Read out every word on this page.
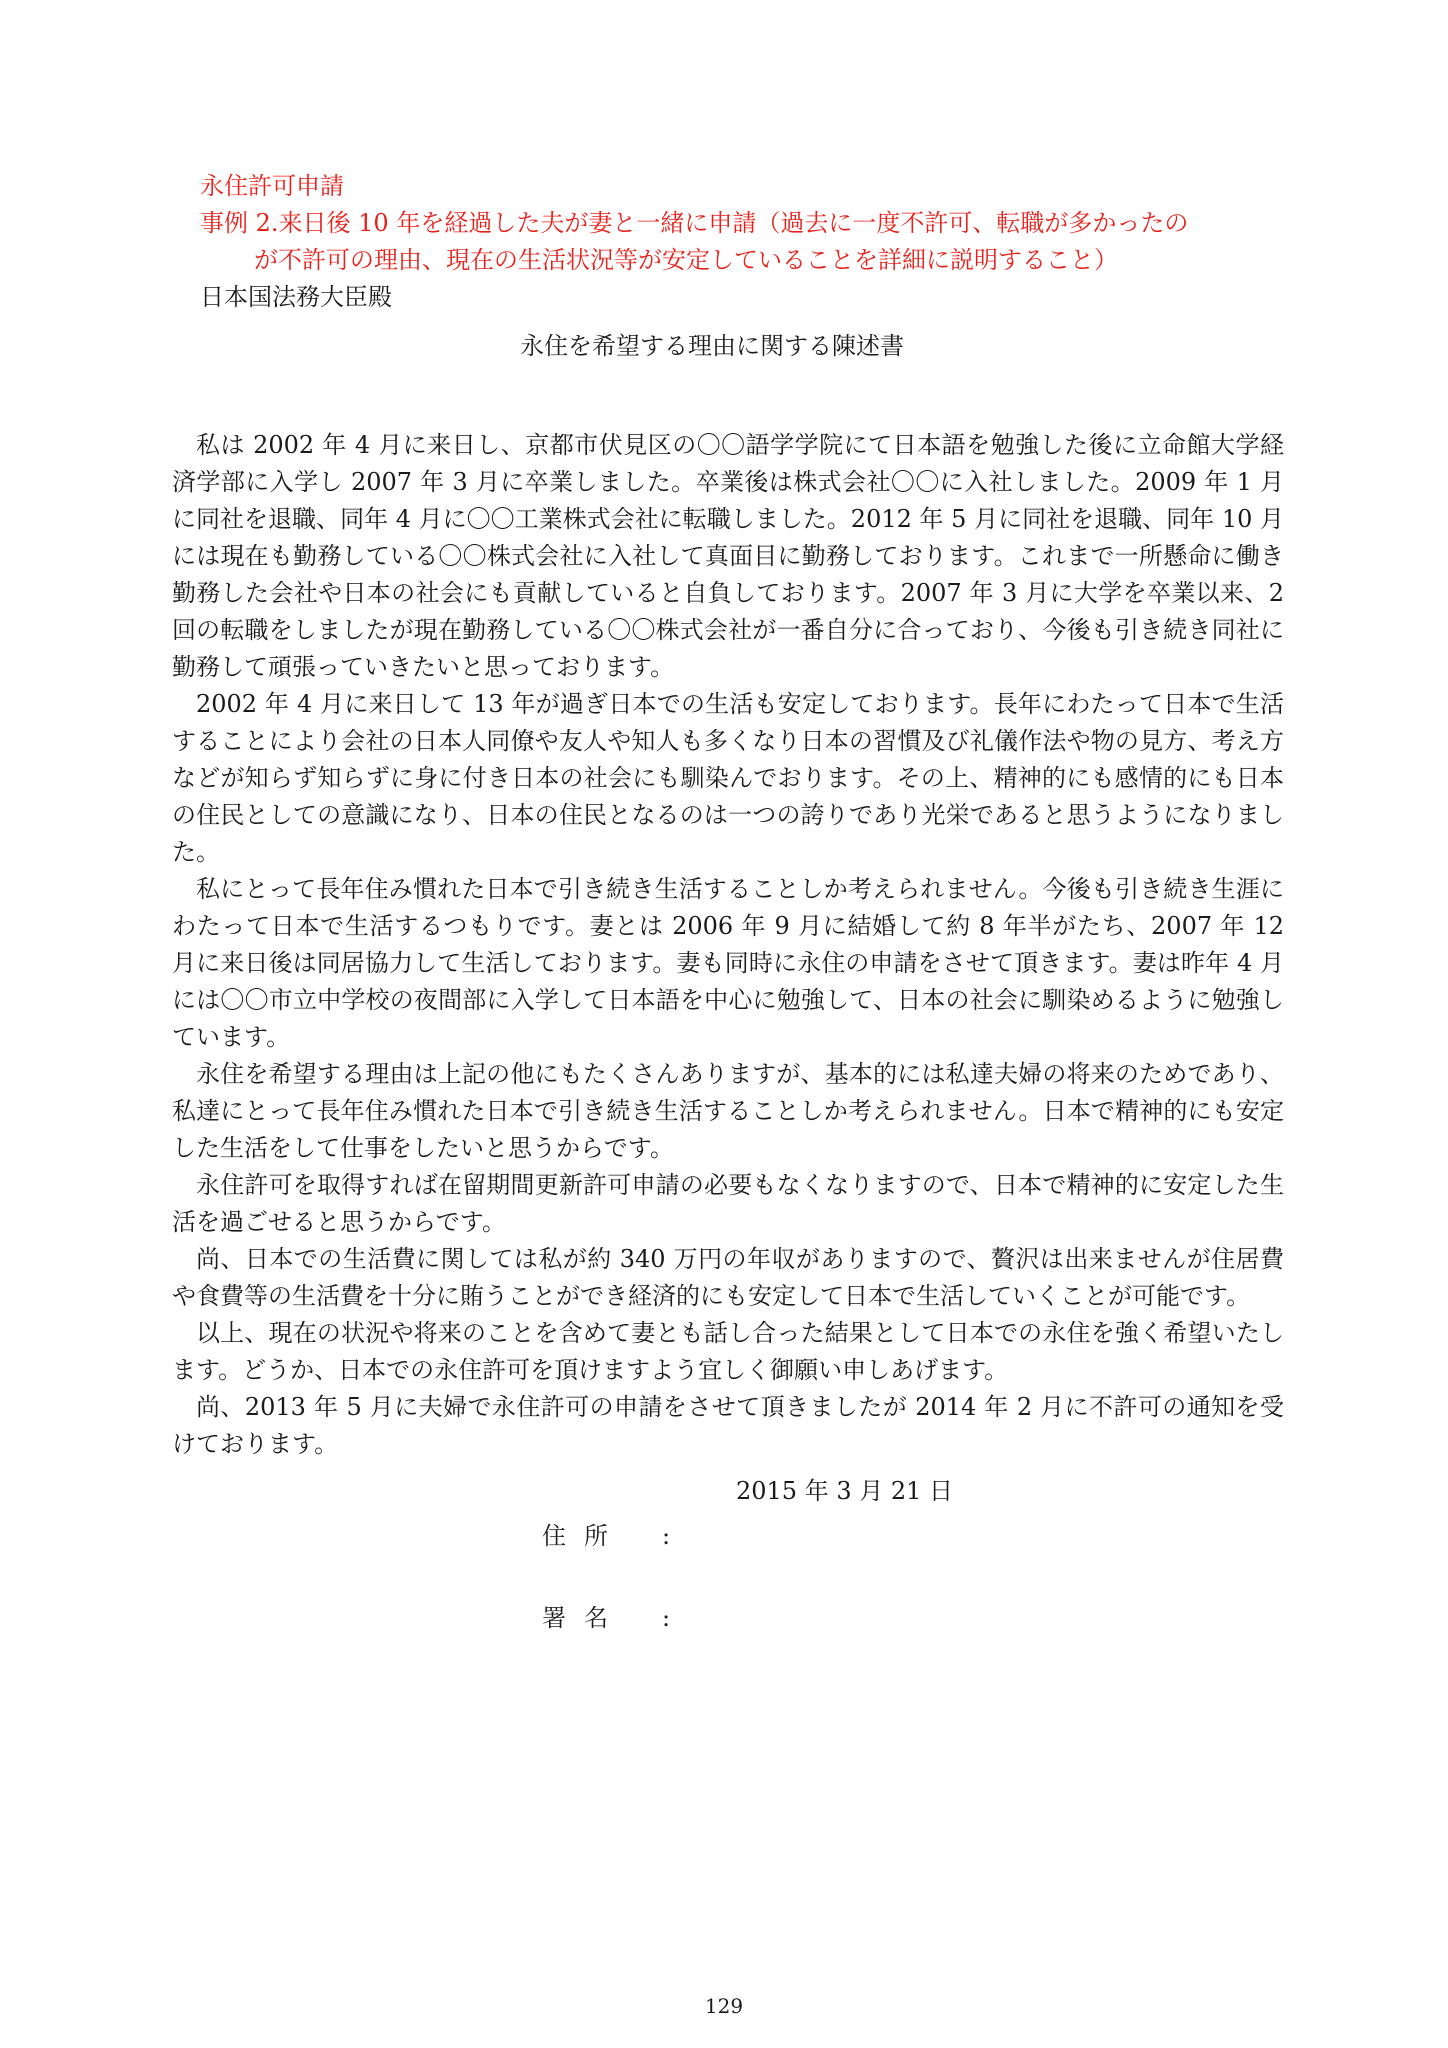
永住許可申請
事例 2.来日後 10 年を経過した夫が妻と一緒に申請（過去に一度不許可、転職が多かったの
が不許可の理由、現在の生活状況等が安定していることを詳細に説明すること）
日本国法務大臣殿
永住を希望する理由に関する陳述書

私は 2002 年 4 月に来日し、京都市伏見区の〇〇語学学院にて日本語を勉強した後に立命館大学経済学部に入学し 2007 年 3 月に卒業しました。卒業後は株式会社〇〇に入社しました。2009 年 1 月に同社を退職、同年 4 月に〇〇工業株式会社に転職しました。2012 年 5 月に同社を退職、同年 10 月には現在も勤務している〇〇株式会社に入社して真面目に勤務しております。これまで一所懸命に働き勤務した会社や日本の社会にも貢献していると自負しております。2007 年 3 月に大学を卒業以来、2 回の転職をしましたが現在勤務している〇〇株式会社が一番自分に合っており、今後も引き続き同社に勤務して頑張っていきたいと思っております。

2002 年 4 月に来日して 13 年が過ぎ日本での生活も安定しております。長年にわたって日本で生活することにより会社の日本人同僚や友人や知人も多くなり日本の習慣及び礼儀作法や物の見方、考え方などが知らず知らずに身に付き日本の社会にも馴染んでおります。その上、精神的にも感情的にも日本の住民としての意識になり、日本の住民となるのは一つの誇りであり光栄であると思うようになりました。

私にとって長年住み慣れた日本で引き続き生活することしか考えられません。今後も引き続き生涯にわたって日本で生活するつもりです。妻とは 2006 年 9 月に結婚して約 8 年半がたち、2007 年 12 月に来日後は同居協力して生活しております。妻も同時に永住の申請をさせて頂きます。妻は昨年 4 月には〇〇市立中学校の夜間部に入学して日本語を中心に勉強して、日本の社会に馴染めるように勉強しています。

永住を希望する理由は上記の他にもたくさんありますが、基本的には私達夫婦の将来のためであり、私達にとって長年住み慣れた日本で引き続き生活することしか考えられません。日本で精神的にも安定した生活をして仕事をしたいと思うからです。

永住許可を取得すれば在留期間更新許可申請の必要もなくなりますので、日本で精神的に安定した生活を過ごせると思うからです。

尚、日本での生活費に関しては私が約 340 万円の年収がありますので、贅沢は出来ませんが住居費や食費等の生活費を十分に賄うことができ経済的にも安定して日本で生活していくことが可能です。

以上、現在の状況や将来のことを含めて妻とも話し合った結果として日本での永住を強く希望いたします。どうか、日本での永住許可を頂けますよう宜しく御願い申しあげます。

尚、2013 年 5 月に夫婦で永住許可の申請をさせて頂きましたが 2014 年 2 月に不許可の通知を受けております。

2015 年 3 月 21 日
住所	:
署名	:
129
